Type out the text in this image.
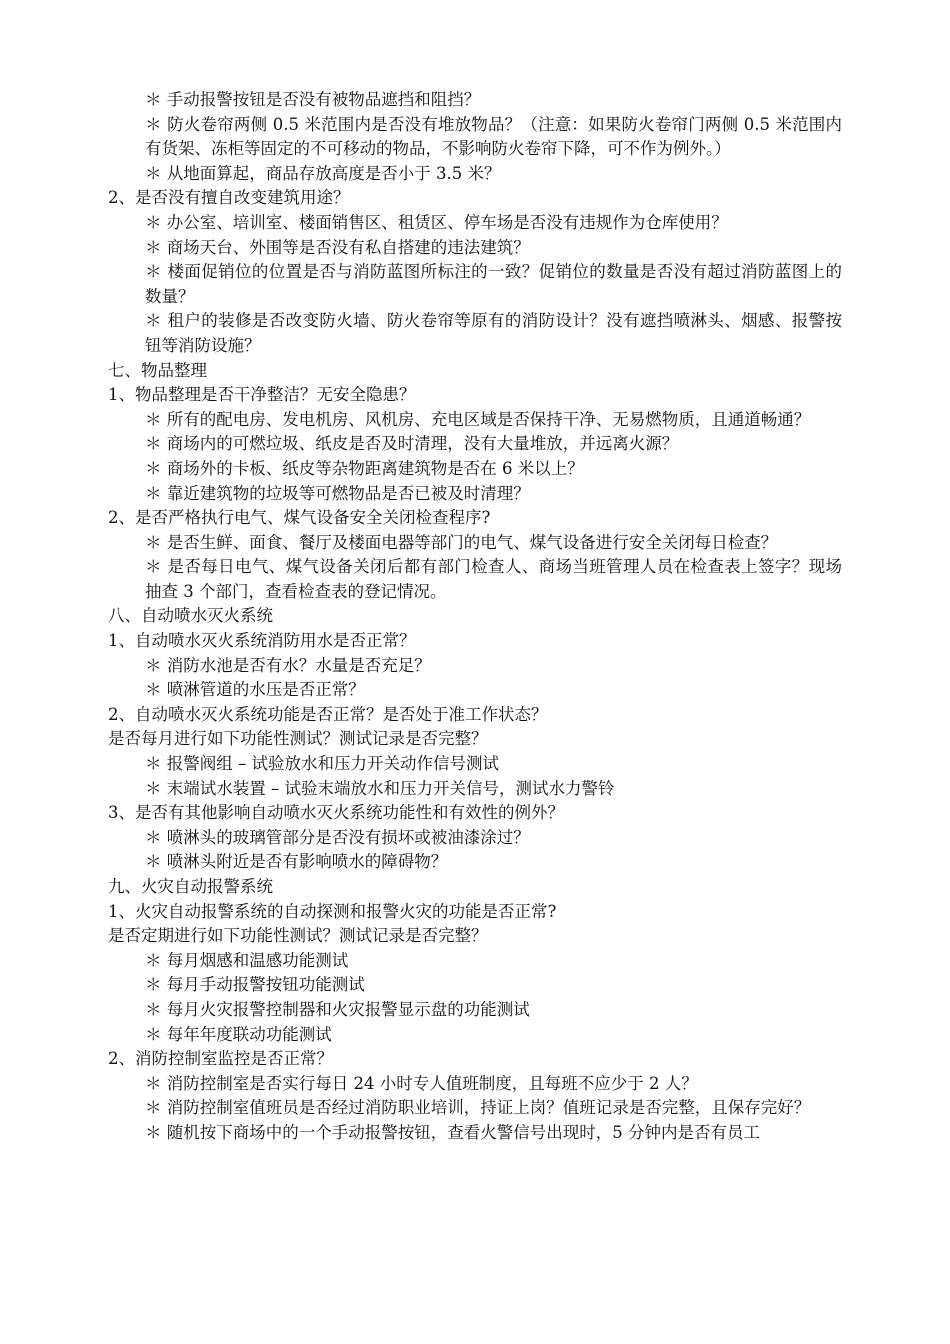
＊ 手动报警按钮是否没有被物品遮挡和阻挡？
＊ 防火卷帘两侧 0.5 米范围内是否没有堆放物品？（注意：如果防火卷帘门两侧 0.5 米范围内有货架、冻柜等固定的不可移动的物品，不影响防火卷帘下降，可不作为例外。）
＊ 从地面算起，商品存放高度是否小于 3.5 米？
2、是否没有擅自改变建筑用途？
＊ 办公室、培训室、楼面销售区、租赁区、停车场是否没有违规作为仓库使用？
＊ 商场天台、外围等是否没有私自搭建的违法建筑？
＊ 楼面促销位的位置是否与消防蓝图所标注的一致？促销位的数量是否没有超过消防蓝图上的数量？
＊ 租户的装修是否改变防火墙、防火卷帘等原有的消防设计？没有遮挡喷淋头、烟感、报警按钮等消防设施？
七、物品整理
1、物品整理是否干净整洁？无安全隐患？
＊ 所有的配电房、发电机房、风机房、充电区域是否保持干净、无易燃物质，且通道畅通？
＊ 商场内的可燃垃圾、纸皮是否及时清理，没有大量堆放，并远离火源？
＊ 商场外的卡板、纸皮等杂物距离建筑物是否在 6 米以上？
＊ 靠近建筑物的垃圾等可燃物品是否已被及时清理？
2、是否严格执行电气、煤气设备安全关闭检查程序?
＊ 是否生鲜、面食、餐厅及楼面电器等部门的电气、煤气设备进行安全关闭每日检查？
＊ 是否每日电气、煤气设备关闭后都有部门检查人、商场当班管理人员在检查表上签字？现场抽查 3 个部门，查看检查表的登记情况。
八、自动喷水灭火系统
1、自动喷水灭火系统消防用水是否正常？
＊ 消防水池是否有水？水量是否充足？
＊ 喷淋管道的水压是否正常？
2、自动喷水灭火系统功能是否正常？是否处于准工作状态？
是否每月进行如下功能性测试？测试记录是否完整？
＊ 报警阀组 – 试验放水和压力开关动作信号测试
＊ 末端试水装置 – 试验末端放水和压力开关信号，测试水力警铃
3、是否有其他影响自动喷水灭火系统功能性和有效性的例外？
＊ 喷淋头的玻璃管部分是否没有损坏或被油漆涂过？
＊ 喷淋头附近是否有影响喷水的障碍物？
九、火灾自动报警系统
1、火灾自动报警系统的自动探测和报警火灾的功能是否正常?
是否定期进行如下功能性测试？测试记录是否完整？
＊ 每月烟感和温感功能测试
＊ 每月手动报警按钮功能测试
＊ 每月火灾报警控制器和火灾报警显示盘的功能测试
＊ 每年年度联动功能测试
2、消防控制室监控是否正常？
＊ 消防控制室是否实行每日 24 小时专人值班制度，且每班不应少于 2 人？
＊ 消防控制室值班员是否经过消防职业培训，持证上岗？值班记录是否完整，且保存完好？
＊ 随机按下商场中的一个手动报警按钮，查看火警信号出现时，5 分钟内是否有员工
